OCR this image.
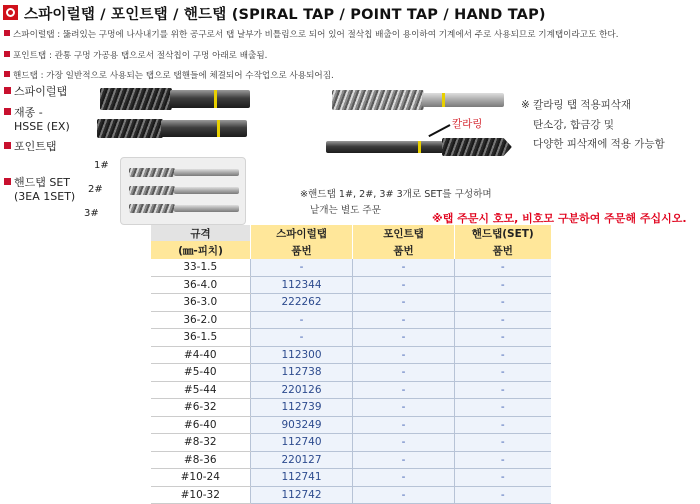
스파이럴탭 / 포인트탭 / 핸드탭 (SPIRAL TAP / POINT TAP / HAND TAP)
스파이럴탭 : 뚫려있는 구멍에 나사내기를 위한 공구로서 탭 날부가 비틀림으로 되어 있어 절삭칩 배출이 용이하여 기계에서 주로 사용되므로 기계탭이라고도 한다.
포인트탭 : 관통 구멍 가공용 탭으로서 절삭칩이 구멍 아래로 배출됨.
핸드탭 : 가장 일반적으로 사용되는 탭으로 탭핸들에 체결되어 수작업으로 사용되어짐.
스파이럴탭
재종 -
HSSE (EX)
포인트탭
핸드탭 SET
(3EA 1SET)
1#
2#
3#
칼라링
※ 칼라링 탭 적용피삭재
탄소강, 합금강 및
다양한 피삭재에 적용 가능함
※핸드탭 1#, 2#, 3# 3개로 SET를 구성하며
낱개는 별도 주문
※탭 주문시 호모, 비호모 구분하여 주문해 주십시오.
규격	스파이럴탭	포인트탭	핸드탭(SET)
(㎜-피치)	품번	품번	품번
33-1.5	-	-	-
36-4.0	112344	-	-
36-3.0	222262	-	-
36-2.0	-	-	-
36-1.5	-	-	-
#4-40	112300	-	-
#5-40	112738	-	-
#5-44	220126	-	-
#6-32	112739	-	-
#6-40	903249	-	-
#8-32	112740	-	-
#8-36	220127	-	-
#10-24	112741	-	-
#10-32	112742	-	-
